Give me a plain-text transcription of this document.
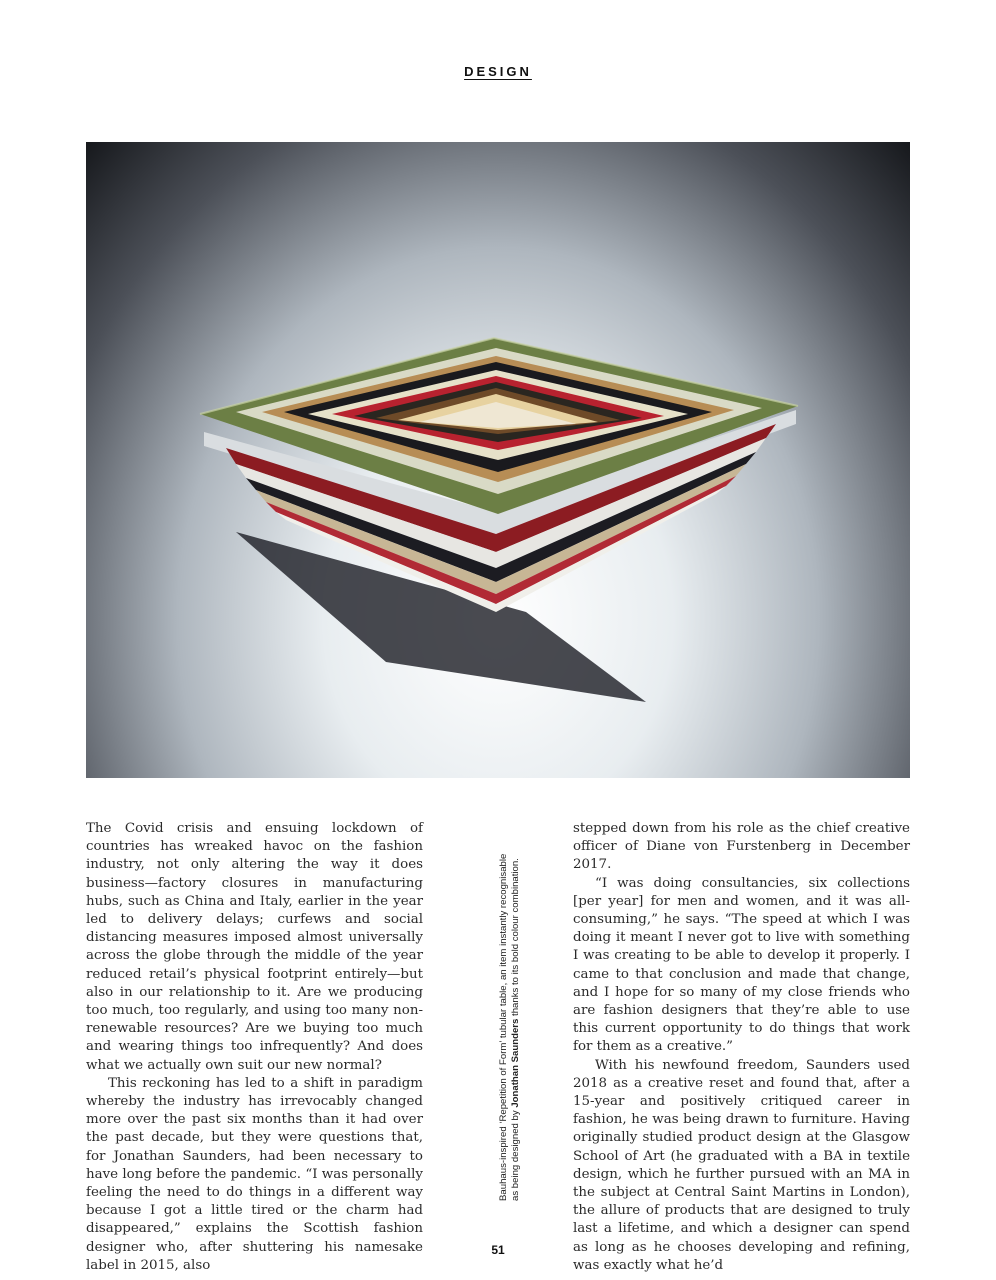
DESIGN

The Covid crisis and ensuing lockdown of countries has wreaked havoc on the fashion industry, not only altering the way it does business—factory closures in manufacturing hubs, such as China and Italy, earlier in the year led to delivery delays; curfews and social distancing measures imposed almost universally across the globe through the middle of the year reduced retail’s physical footprint entirely—but also in our relationship to it. Are we producing too much, too regularly, and using too many non-renewable resources? Are we buying too much and wearing things too infrequently? And does what we actually own suit our new normal?

This reckoning has led to a shift in paradigm whereby the industry has irrevocably changed more over the past six months than it had over the past decade, but they were questions that, for Jonathan Saunders, had been necessary to have long before the pandemic. “I was personally feeling the need to do things in a different way because I got a little tired or the charm had disappeared,” explains the Scottish fashion designer who, after shuttering his namesake label in 2015, also

Bauhaus-inspired ‘Repetition of Form’ tubular table, an item instantly recognisable as being designed by Jonathan Saunders thanks to its bold colour combination.

stepped down from his role as the chief creative officer of Diane von Furstenberg in December 2017.

“I was doing consultancies, six collections [per year] for men and women, and it was all-consuming,” he says. “The speed at which I was doing it meant I never got to live with something I was creating to be able to develop it properly. I came to that conclusion and made that change, and I hope for so many of my close friends who are fashion designers that they’re able to use this current opportunity to do things that work for them as a creative.”

With his newfound freedom, Saunders used 2018 as a creative reset and found that, after a 15-year and positively critiqued career in fashion, he was being drawn to furniture. Having originally studied product design at the Glasgow School of Art (he graduated with a BA in textile design, which he further pursued with an MA in the subject at Central Saint Martins in London), the allure of products that are designed to truly last a lifetime, and which a designer can spend as long as he chooses developing and refining, was exactly what he’d

51
